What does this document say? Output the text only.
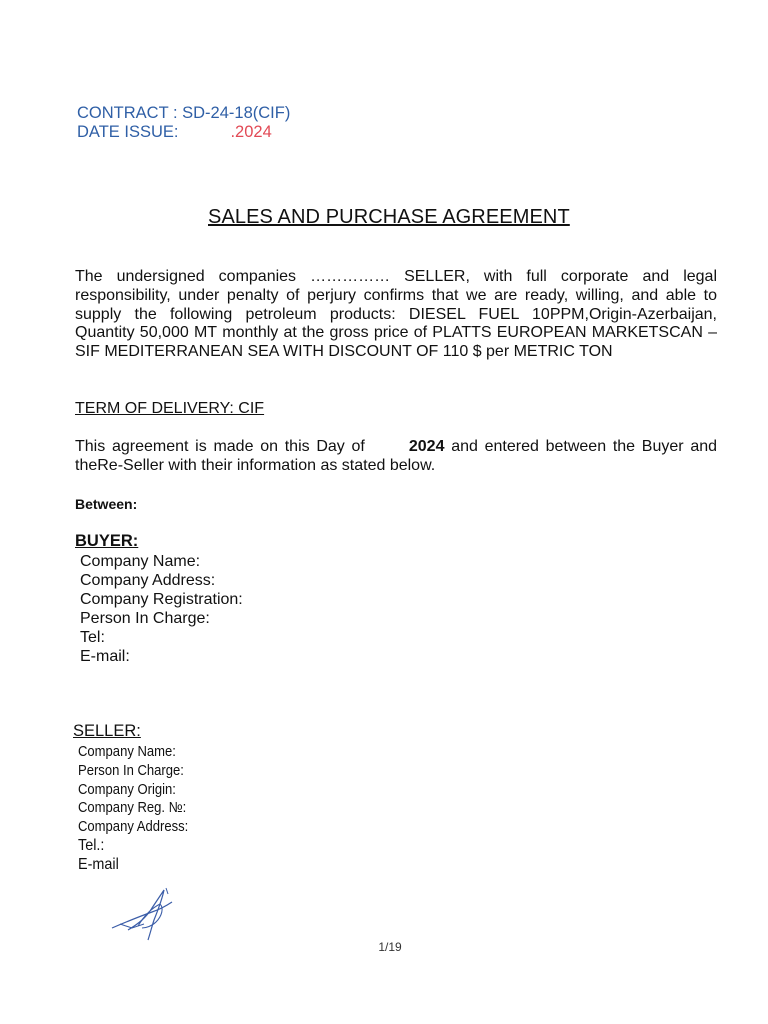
CONTRACT : SD-24-18(CIF)
DATE ISSUE:	.2024
SALES AND PURCHASE AGREEMENT
The undersigned companies …………… SELLER, with full corporate and legal responsibility, under penalty of perjury confirms that we are ready, willing, and able to supply the following petroleum products: DIESEL FUEL 10PPM,Origin-Azerbaijan, Quantity 50,000 MT monthly at the gross price of PLATTS EUROPEAN MARKETSCAN – SIF MEDITERRANEAN SEA WITH DISCOUNT OF 110 $ per METRIC TON
TERM OF DELIVERY: CIF
This agreement is made on this Day of	2024 and entered between the Buyer and theRe-Seller with their information as stated below.
Between:
BUYER:
Company Name:
Company Address:
Company Registration:
Person In Charge:
Tel:
E-mail:
SELLER:
Company Name:
Person In Charge:
Company Origin:
Company Reg. №:
Company Address:
Tel.:
E-mail
1/19
